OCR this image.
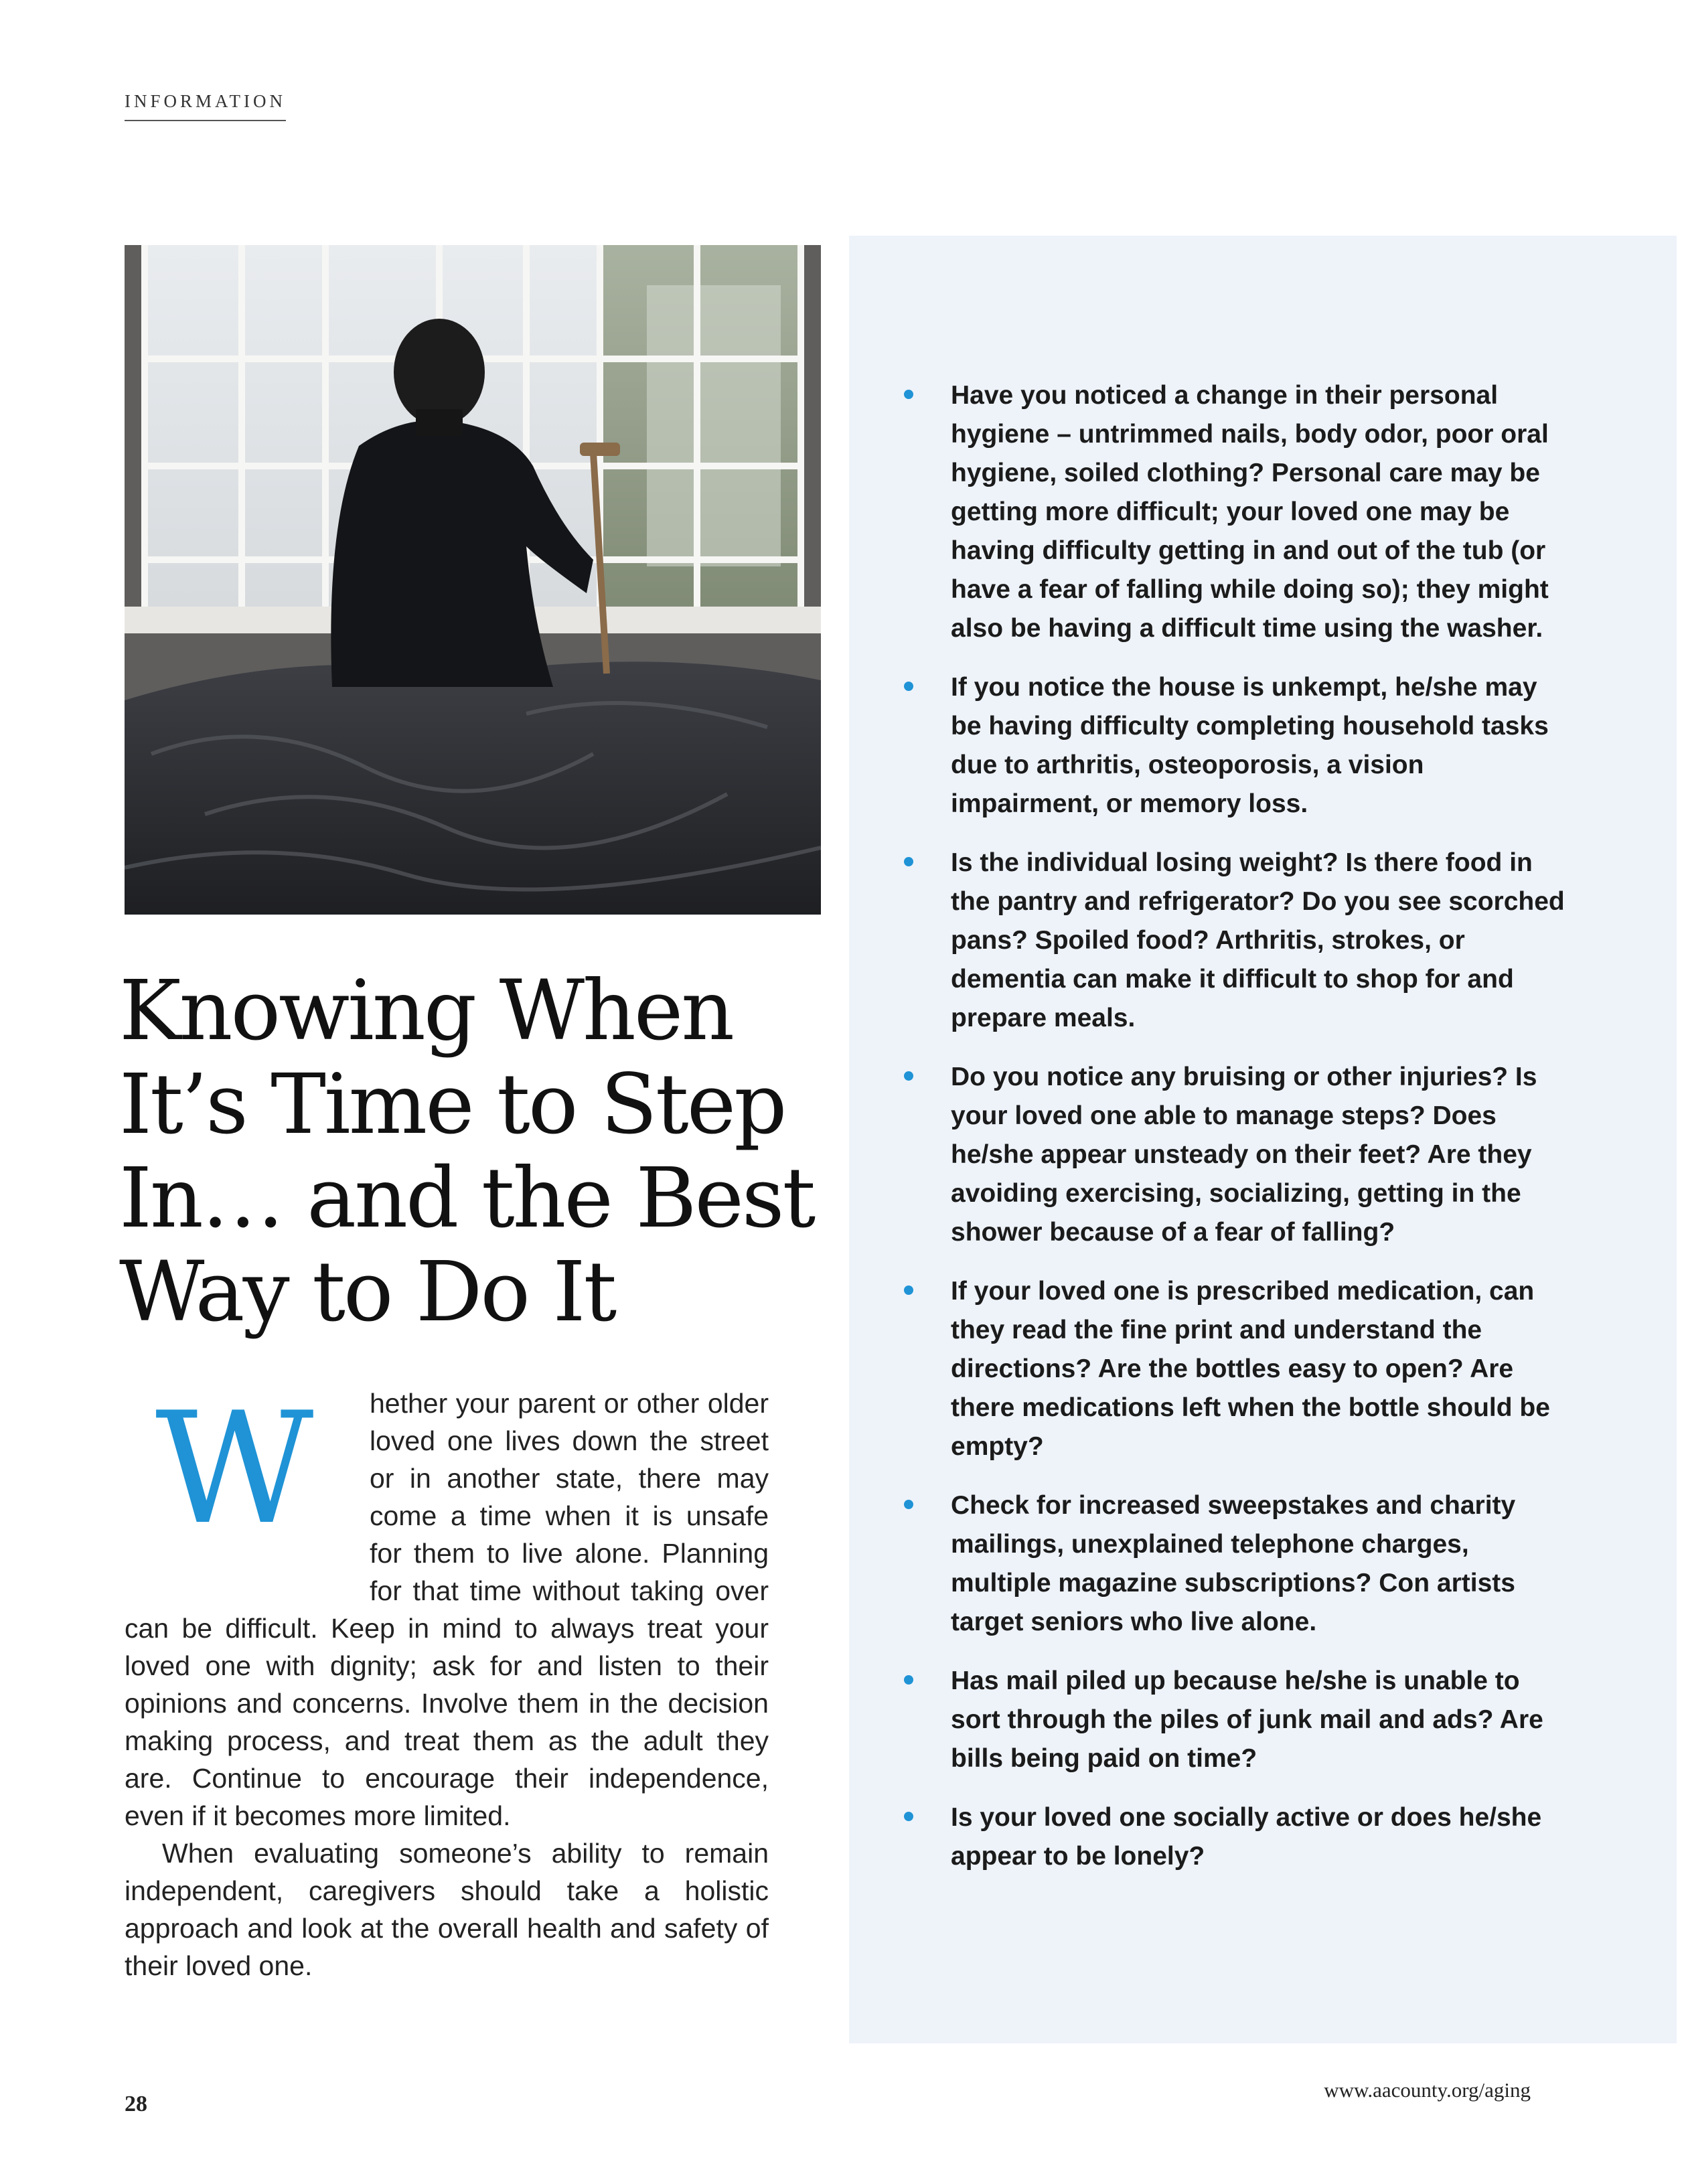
INFORMATION
Knowing When It’s Time to Step In… and the Best Way to Do It

W	hether your parent or other older loved one lives down the street or in another state, there may come a time when it is unsafe for them to live alone. Planning for that time without taking over can be difficult. Keep in mind to always treat your loved one with dignity; ask for and listen to their opinions and concerns. Involve them in the decision making process, and treat them as the adult they are. Continue to encourage their independence, even if it becomes more limited.

When evaluating someone’s ability to remain independent, caregivers should take a holistic approach and look at the overall health and safety of their loved one.

Have you noticed a change in their personal hygiene – untrimmed nails, body odor, poor oral hygiene, soiled clothing? Personal care may be getting more difficult; your loved one may be having difficulty getting in and out of the tub (or have a fear of falling while doing so); they might also be having a difficult time using the washer.
If you notice the house is unkempt, he/she may be having difficulty completing household tasks due to arthritis, osteoporosis, a vision impairment, or memory loss.
Is the individual losing weight? Is there food in the pantry and refrigerator? Do you see scorched pans? Spoiled food? Arthritis, strokes, or dementia can make it difficult to shop for and prepare meals.
Do you notice any bruising or other injuries? Is your loved one able to manage steps? Does he/she appear unsteady on their feet? Are they avoiding exercising, socializing, getting in the shower because of a fear of falling?
If your loved one is prescribed medication, can they read the fine print and understand the directions? Are the bottles easy to open? Are there medications left when the bottle should be empty?
Check for increased sweepstakes and charity mailings, unexplained telephone charges, multiple magazine subscriptions? Con artists target seniors who live alone.
Has mail piled up because he/she is unable to sort through the piles of junk mail and ads? Are bills being paid on time?
Is your loved one socially active or does he/she appear to be lonely?
28
www.aacounty.org/aging
